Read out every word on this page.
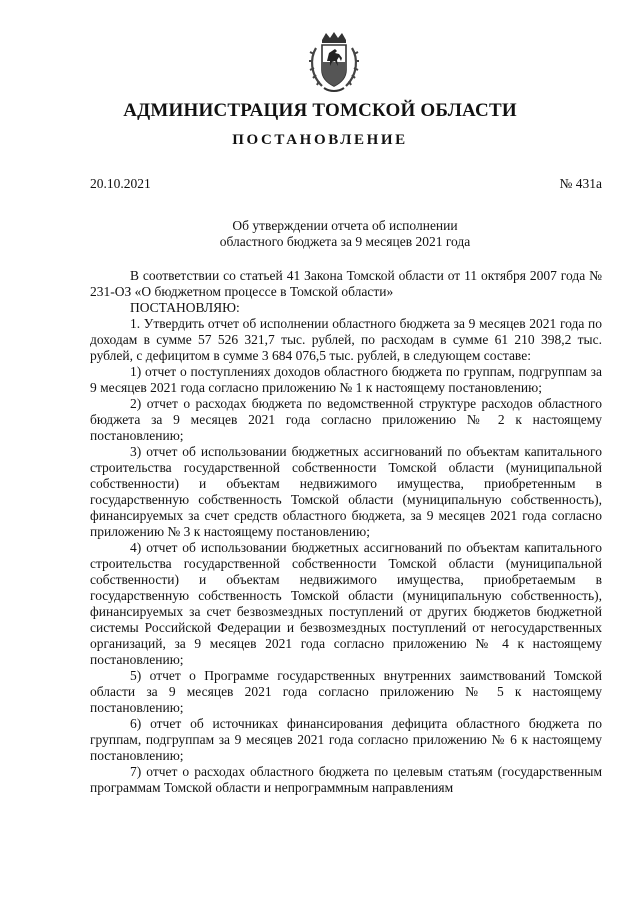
АДМИНИСТРАЦИЯ ТОМСКОЙ ОБЛАСТИ
ПОСТАНОВЛЕНИЕ
20.10.2021	№ 431а
Об утверждении отчета об исполнении
областного бюджета за 9 месяцев 2021 года

В соответствии со статьей 41 Закона Томской области от 11 октября 2007 года № 231-ОЗ «О бюджетном процессе в Томской области»

ПОСТАНОВЛЯЮ:

1. Утвердить отчет об исполнении областного бюджета за 9 месяцев 2021 года по доходам в сумме 57 526 321,7 тыс. рублей, по расходам в сумме 61 210 398,2 тыс. рублей, с дефицитом в сумме 3 684 076,5 тыс. рублей, в следующем составе:

1) отчет о поступлениях доходов областного бюджета по группам, подгруппам за 9 месяцев 2021 года согласно приложению № 1 к настоящему постановлению;

2) отчет о расходах бюджета по ведомственной структуре расходов областного бюджета за 9 месяцев 2021 года согласно приложению № 2 к настоящему постановлению;

3) отчет об использовании бюджетных ассигнований по объектам капитального строительства государственной собственности Томской области (муниципальной собственности) и объектам недвижимого имущества, приобретенным в государственную собственность Томской области (муниципальную собственность), финансируемых за счет средств областного бюджета, за 9 месяцев 2021 года согласно приложению № 3 к настоящему постановлению;

4) отчет об использовании бюджетных ассигнований по объектам капитального строительства государственной собственности Томской области (муниципальной собственности) и объектам недвижимого имущества, приобретаемым в государственную собственность Томской области (муниципальную собственность), финансируемых за счет безвозмездных поступлений от других бюджетов бюджетной системы Российской Федерации и безвозмездных поступлений от негосударственных организаций, за 9 месяцев 2021 года согласно приложению № 4 к настоящему постановлению;

5) отчет о Программе государственных внутренних заимствований Томской области за 9 месяцев 2021 года согласно приложению № 5 к настоящему постановлению;

6) отчет об источниках финансирования дефицита областного бюджета по группам, подгруппам за 9 месяцев 2021 года согласно приложению № 6 к настоящему постановлению;

7) отчет о расходах областного бюджета по целевым статьям (государственным программам Томской области и непрограммным направлениям
